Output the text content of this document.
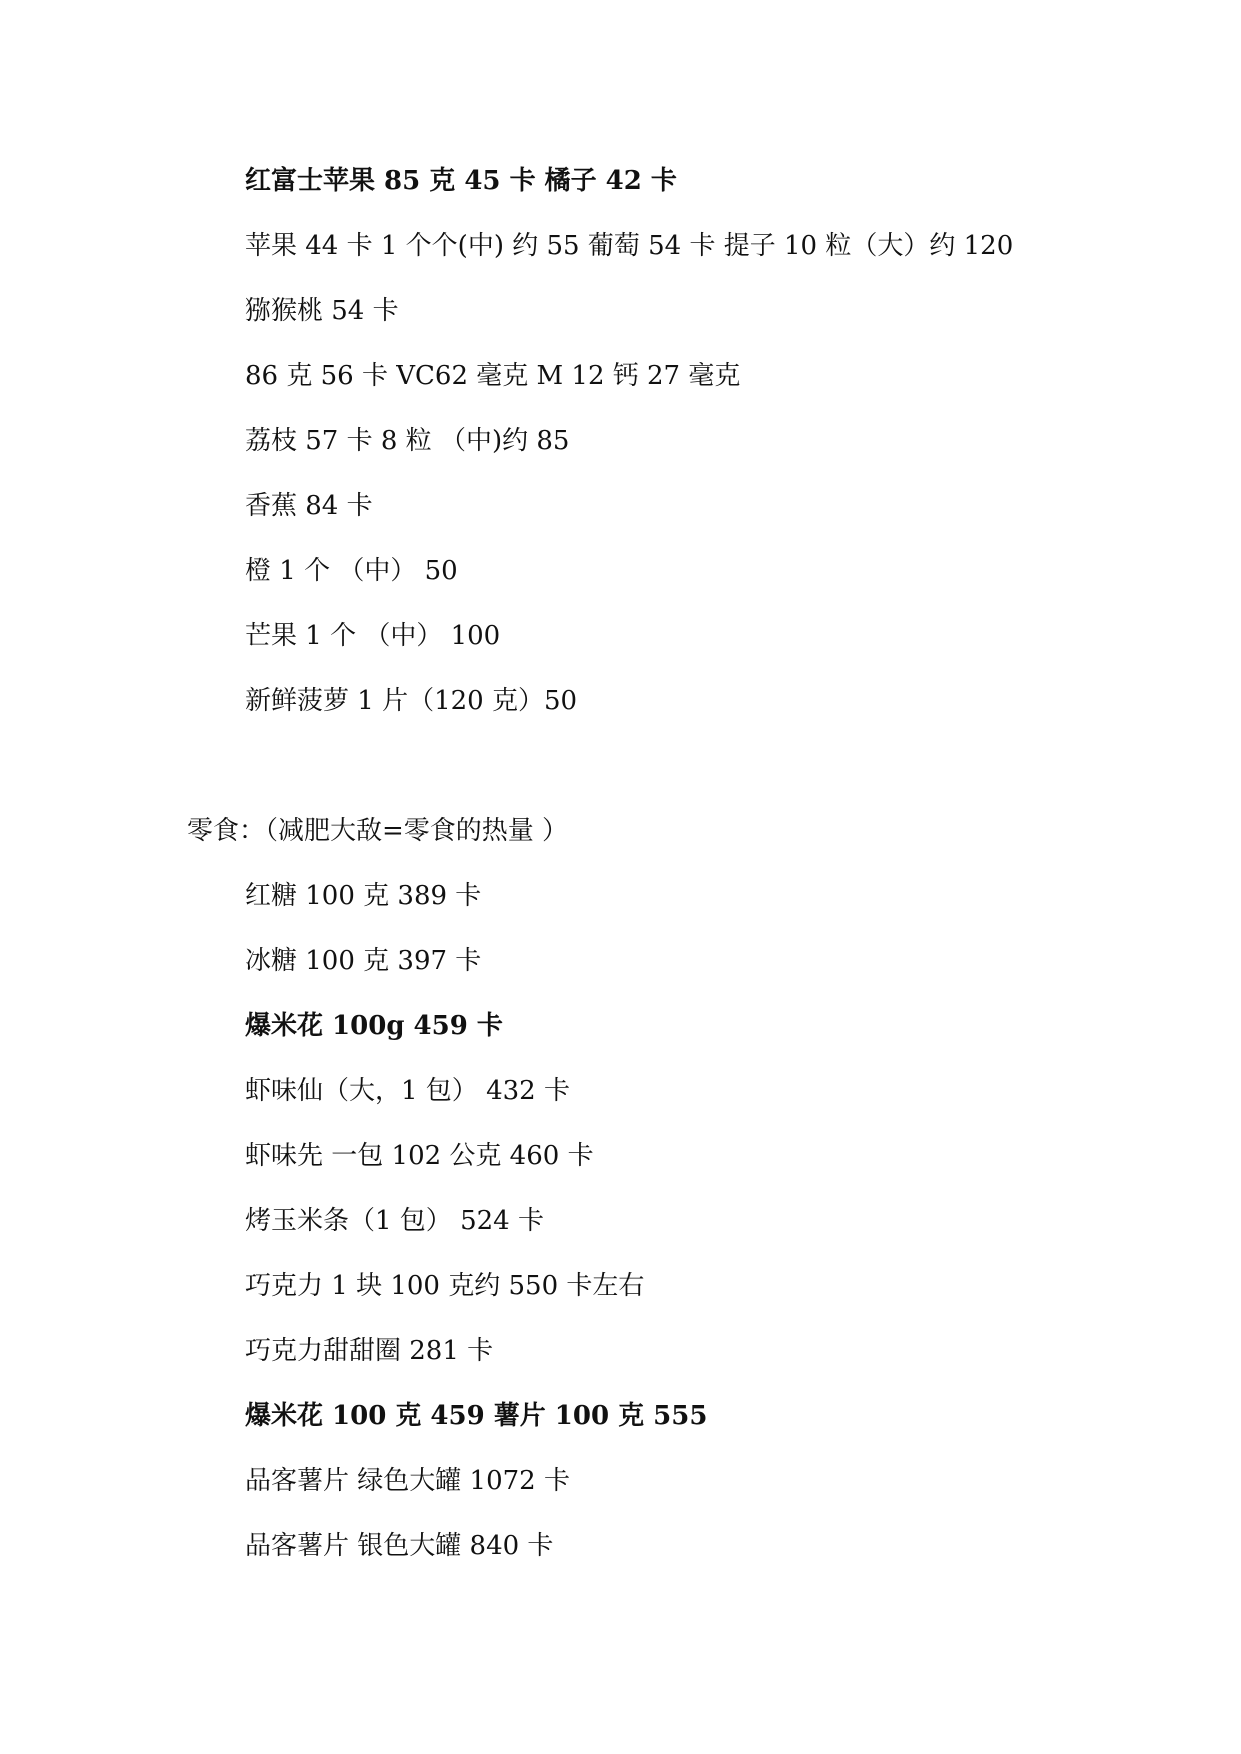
红富士苹果 85 克 45 卡 橘子 42 卡
苹果 44 卡 1 个个(中) 约 55 葡萄 54 卡 提子 10 粒（大）约 120
猕猴桃 54 卡
86 克 56 卡 VC62 毫克 M 12 钙 27 毫克
荔枝 57 卡 8 粒 （中)约 85
香蕉 84 卡
橙 1 个 （中） 50
芒果 1 个 （中） 100
新鲜菠萝 1 片（120 克）50
零食：（减肥大敌=零食的热量 ）
红糖 100 克 389 卡
冰糖 100 克 397 卡
爆米花 100g 459 卡
虾味仙（大，1 包） 432 卡
虾味先 一包 102 公克 460 卡
烤玉米条（1 包） 524 卡
巧克力 1 块 100 克约 550 卡左右
巧克力甜甜圈 281 卡
爆米花 100 克 459 薯片 100 克 555
品客薯片 绿色大罐 1072 卡
品客薯片 银色大罐 840 卡
